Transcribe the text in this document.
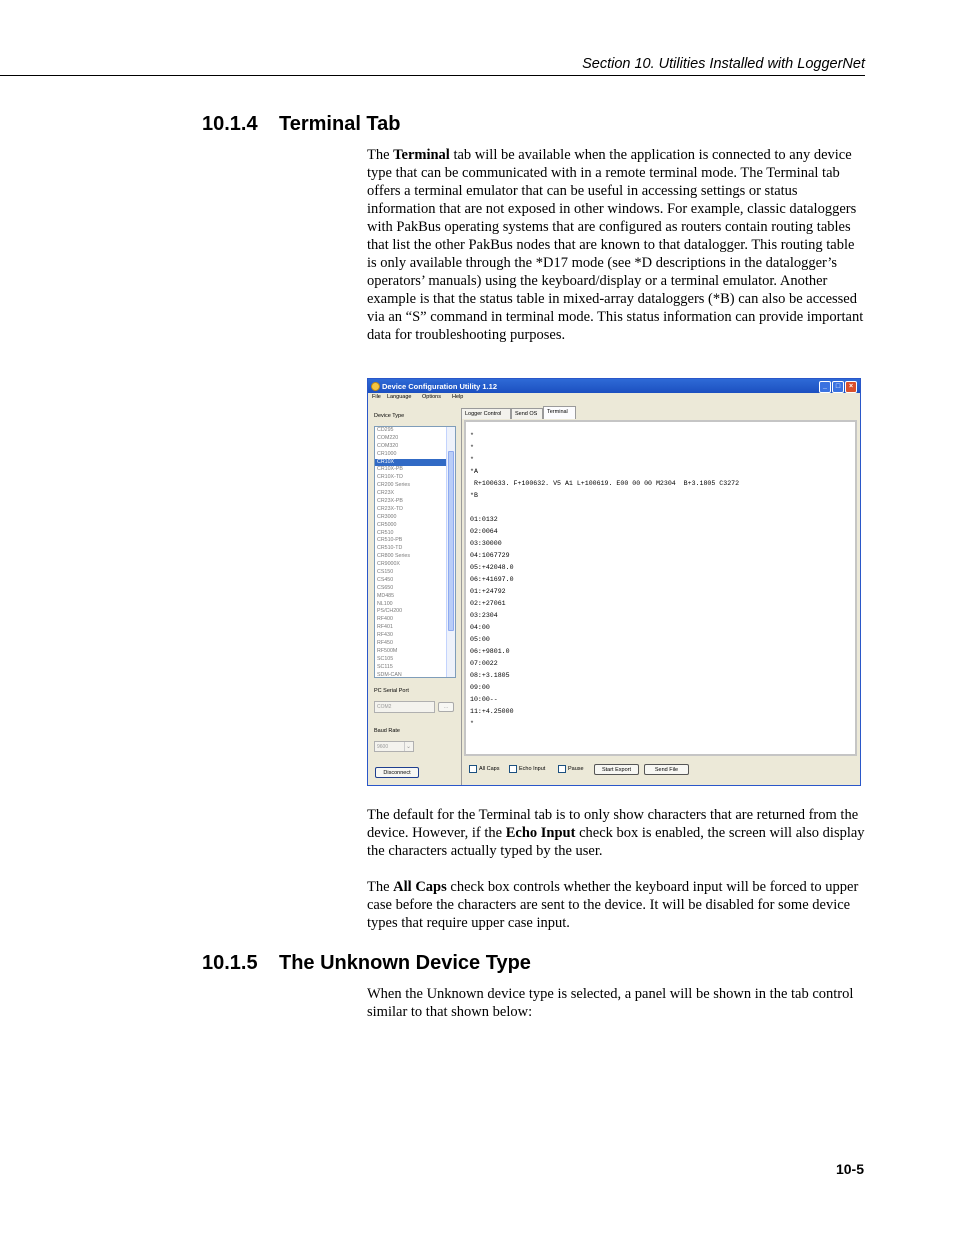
Section 10. Utilities Installed with LoggerNet
10.1.4 Terminal Tab

The Terminal tab will be available when the application is connected to any device type that can be communicated with in a remote terminal mode. The Terminal tab offers a terminal emulator that can be useful in accessing settings or status information that are not exposed in other windows. For example, classic dataloggers with PakBus operating systems that are configured as routers contain routing tables that list the other PakBus nodes that are known to that datalogger. This routing table is only available through the *D17 mode (see *D descriptions in the datalogger’s operators’ manuals) using the keyboard/display or a terminal emulator. Another example is that the status table in mixed-array dataloggers (*B) can also be accessed via an “S” command in terminal mode. This status information can provide important data for troubleshooting purposes.

Device Configuration Utility 1.12	_	□	×
File Language Options Help
Device Type
CD295
COM220
COM320
CR1000
CR10X
CR10X-PB
CR10X-TD
CR200 Series
CR23X
CR23X-PB
CR23X-TD
CR3000
CR5000
CR510
CR510-PB
CR510-TD
CR800 Series
CR9000X
CS150
CS450
CS650
MD485
NL100
PS/CH200
RF400
RF401
RF430
RF450
RF500M
SC105
SC115
SDM-CAN
PC Serial Port
COM2	...
Baud Rate
9600	⌄
Disconnect
Logger Control	Send OS	Terminal
*
*
*
*A
R+100633. F+100632. V5 A1 L+100619. E00 00 00 M2304  B+3.1805 C3272
*B
01:0132
02:0064
03:30000
04:1067729
05:+42048.0
06:+41697.0
01:+24792
02:+27061
03:2304
04:00
05:00
06:+9801.0
07:0022
08:+3.1805
09:00
10:00--
11:+4.25000
*
All Caps	Echo Input	Pause	Start Export	Send File

The default for the Terminal tab is to only show characters that are returned from the device. However, if the Echo Input check box is enabled, the screen will also display the characters actually typed by the user.

The All Caps check box controls whether the keyboard input will be forced to upper case before the characters are sent to the device. It will be disabled for some device types that require upper case input.

10.1.5 The Unknown Device Type

When the Unknown device type is selected, a panel will be shown in the tab control similar to that shown below:

10-5
